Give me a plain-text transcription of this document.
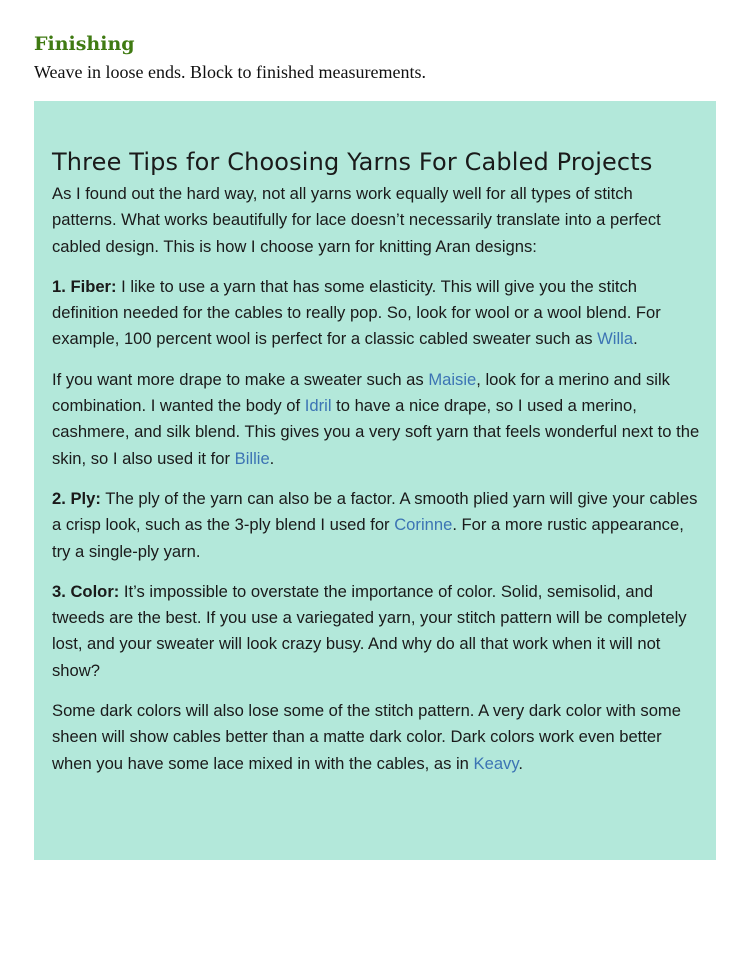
Finishing

Weave in loose ends. Block to finished measurements.

Three Tips for Choosing Yarns For Cabled Projects

As I found out the hard way, not all yarns work equally well for all types of stitch patterns. What works beautifully for lace doesn’t necessarily translate into a perfect cabled design. This is how I choose yarn for knitting Aran designs:

1. Fiber: I like to use a yarn that has some elasticity. This will give you the stitch definition needed for the cables to really pop. So, look for wool or a wool blend. For example, 100 percent wool is perfect for a classic cabled sweater such as Willa.

If you want more drape to make a sweater such as Maisie, look for a merino and silk combination. I wanted the body of Idril to have a nice drape, so I used a merino, cashmere, and silk blend. This gives you a very soft yarn that feels wonderful next to the skin, so I also used it for Billie.

2. Ply: The ply of the yarn can also be a factor. A smooth plied yarn will give your cables a crisp look, such as the 3-ply blend I used for Corinne. For a more rustic appearance, try a single-ply yarn.

3. Color: It’s impossible to overstate the importance of color. Solid, semisolid, and tweeds are the best. If you use a variegated yarn, your stitch pattern will be completely lost, and your sweater will look crazy busy. And why do all that work when it will not show?

Some dark colors will also lose some of the stitch pattern. A very dark color with some sheen will show cables better than a matte dark color. Dark colors work even better when you have some lace mixed in with the cables, as in Keavy.
